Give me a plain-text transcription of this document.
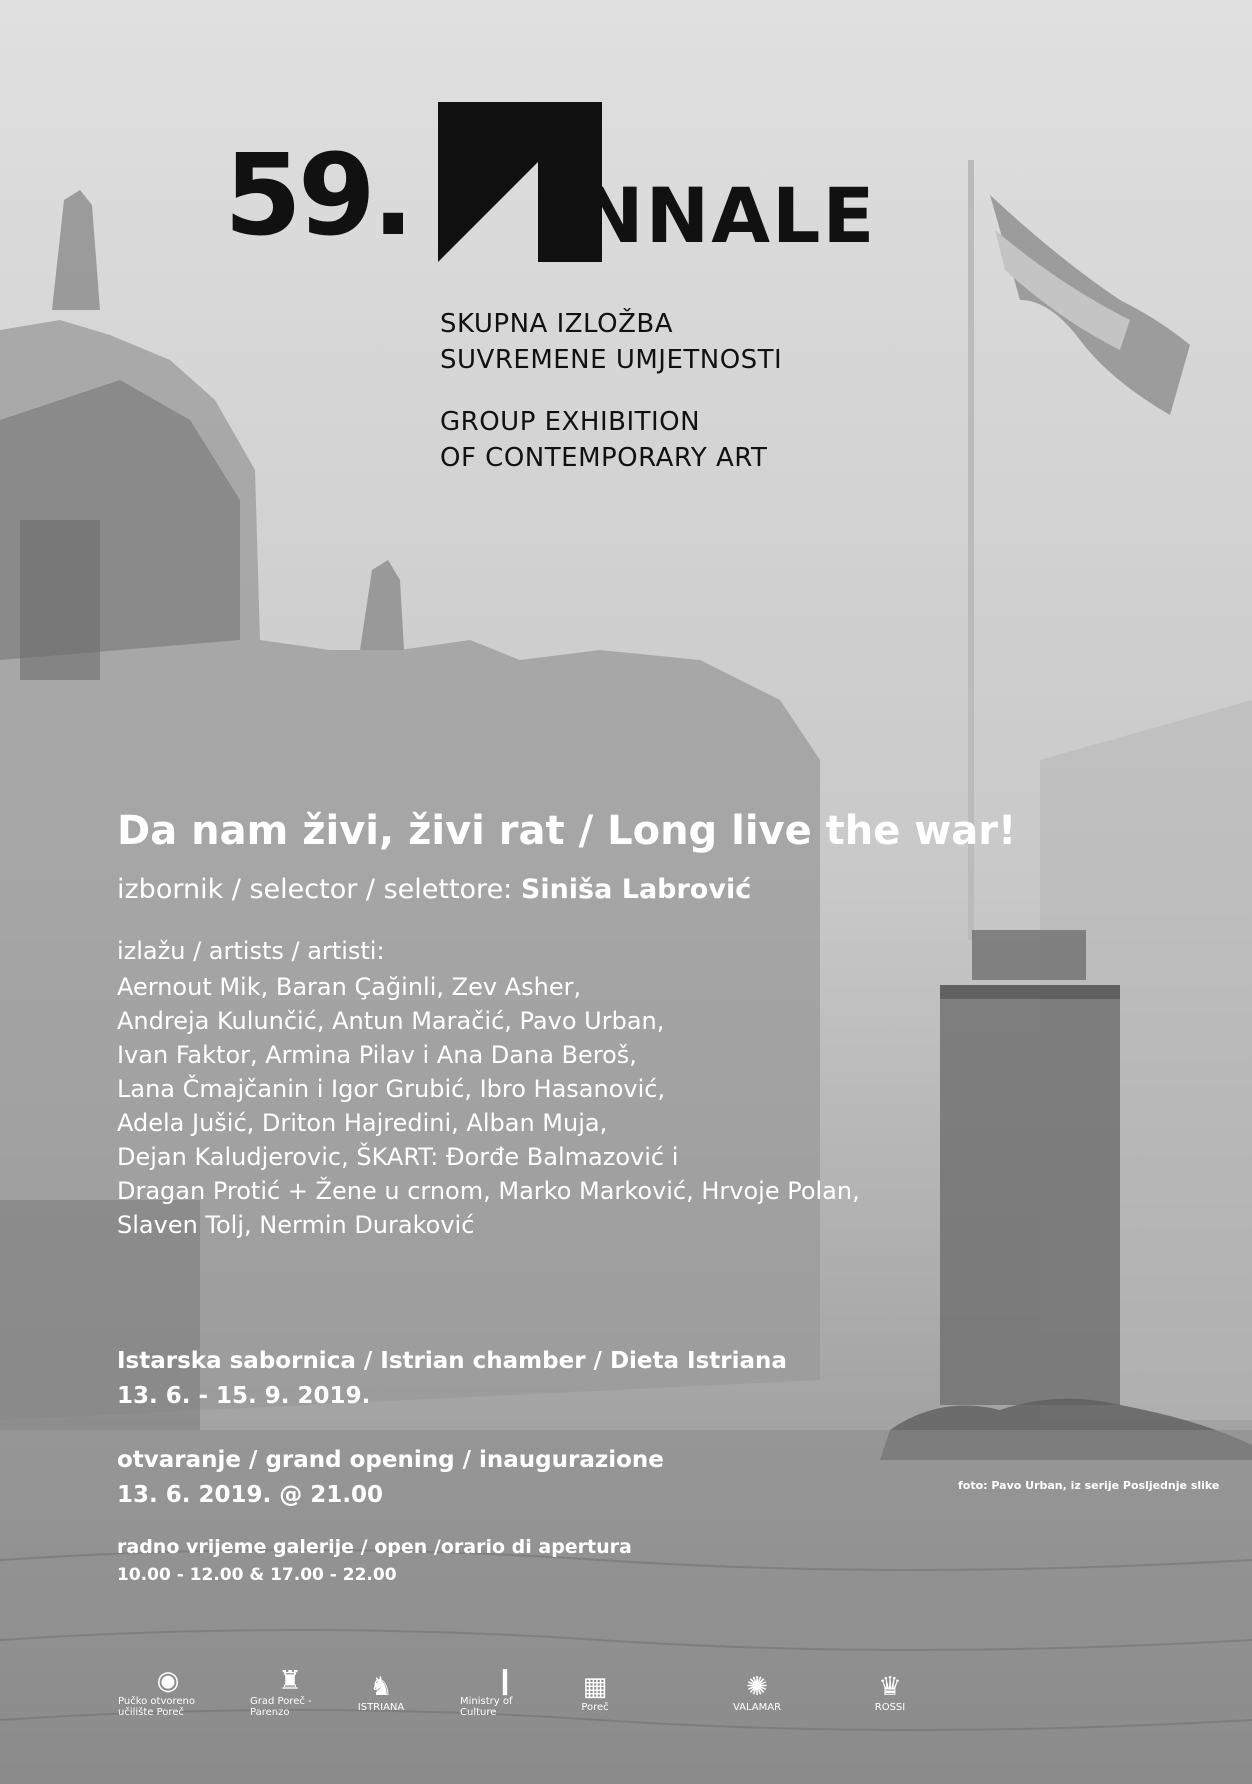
59. NNALE
SKUPNA IZLOŽBA
SUVREMENE UMJETNOSTI
GROUP EXHIBITION
OF CONTEMPORARY ART
Da nam živi, živi rat / Long live the war!
izbornik / selector / selettore: Siniša Labrović
izlažu / artists / artisti:
Aernout Mik, Baran Çağinli, Zev Asher,
Andreja Kulunčić, Antun Maračić, Pavo Urban,
Ivan Faktor, Armina Pilav i Ana Dana Beroš,
Lana Čmajčanin i Igor Grubić, Ibro Hasanović,
Adela Jušić, Driton Hajredini, Alban Muja,
Dejan Kaludjerovic, ŠKART: Đorđe Balmazović i
Dragan Protić + Žene u crnom, Marko Marković, Hrvoje Polan,
Slaven Tolj, Nermin Duraković
Istarska sabornica / Istrian chamber / Dieta Istriana
13. 6. - 15. 9. 2019.
otvaranje / grand opening / inaugurazione
13. 6. 2019. @ 21.00
radno vrijeme galerije / open /orario di apertura
10.00 - 12.00 & 17.00 - 22.00
foto: Pavo Urban, iz serije Posljednje slike
◉
Pučko otvoreno učilište Poreč
♜
Grad Poreč - Parenzo
♞
ISTRIANA
❙
Ministry of Culture
▦
Poreč
✺
VALAMAR
♛
ROSSI
